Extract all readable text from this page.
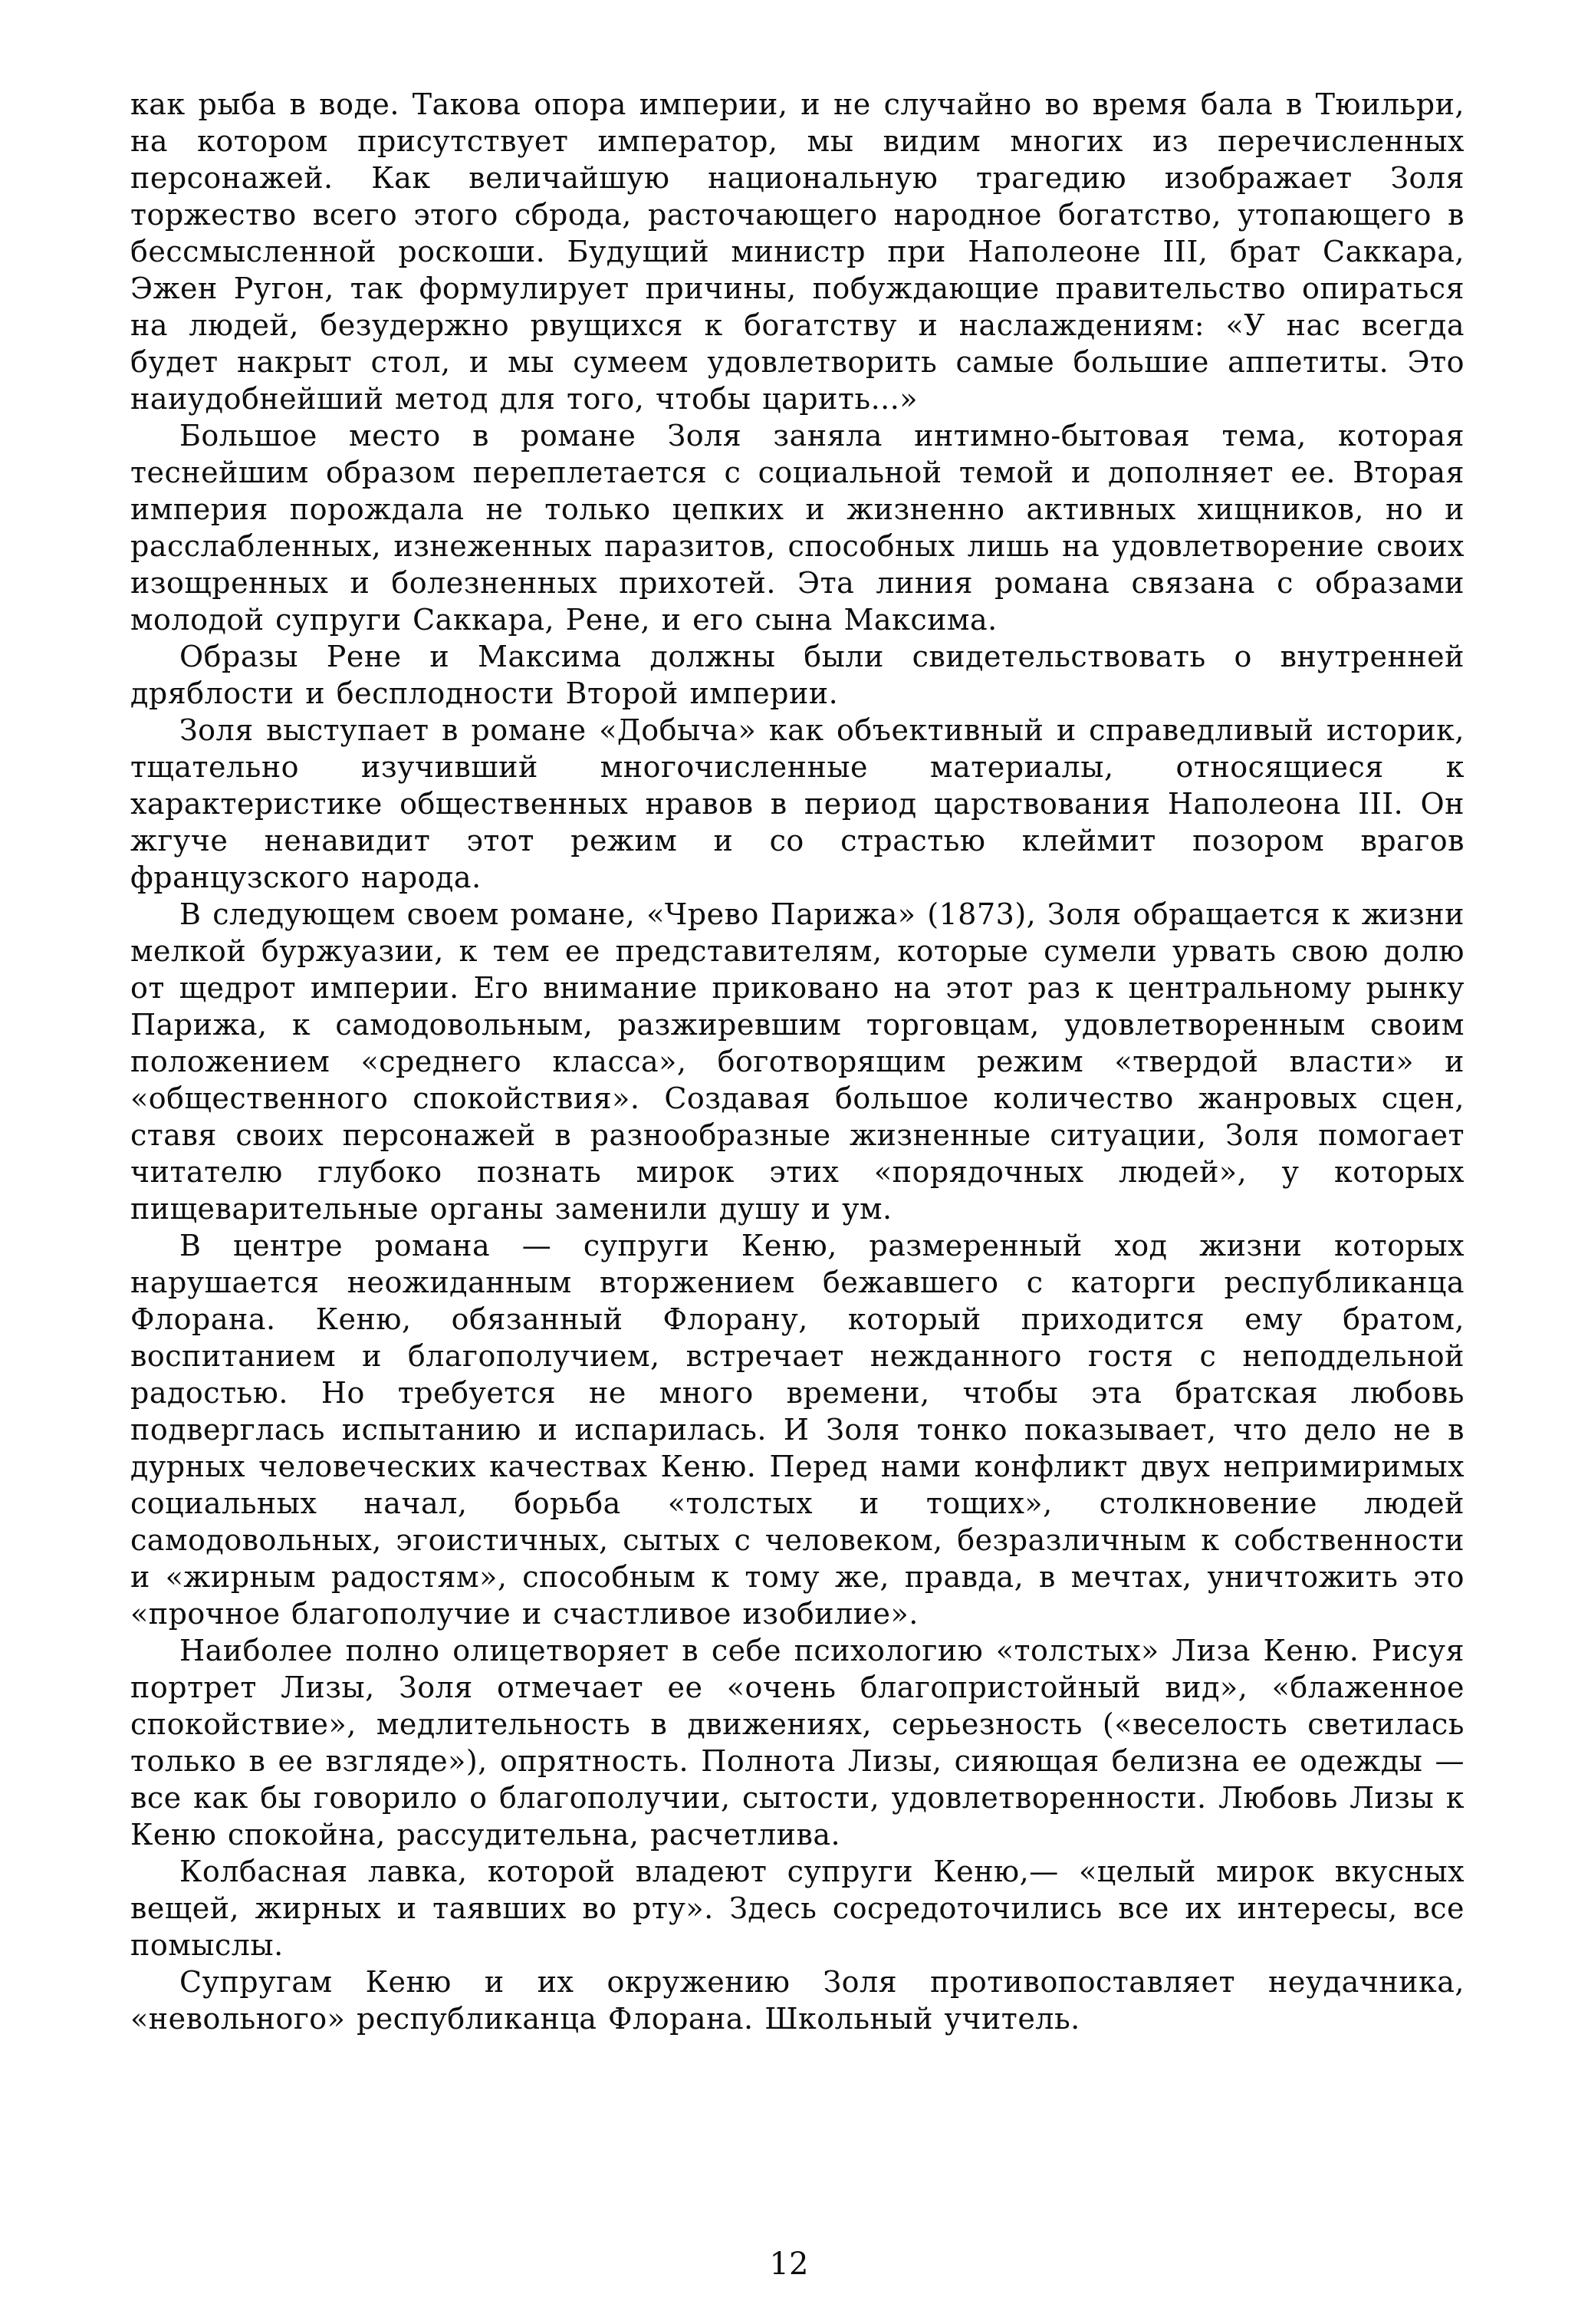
как рыба в воде. Такова опора империи, и не случайно во время бала в Тюильри, на котором присутствует император, мы видим многих из перечисленных персонажей. Как величайшую национальную трагедию изображает Золя торжество всего этого сброда, расточающего народное богатство, утопающего в бессмысленной роскоши. Будущий министр при Наполеоне III, брат Саккара, Эжен Ругон, так формулирует причины, побуждающие правительство опираться на людей, безудержно рвущихся к богатству и наслаждениям: «У нас всегда будет накрыт стол, и мы сумеем удовлетворить самые большие аппетиты. Это наиудобнейший метод для того, чтобы царить...»

Большое место в романе Золя заняла интимно-бытовая тема, которая теснейшим образом переплетается с социальной темой и дополняет ее. Вторая империя порождала не только цепких и жизненно активных хищников, но и расслабленных, изнеженных паразитов, способных лишь на удовлетворение своих изощренных и болезненных прихотей. Эта линия романа связана с образами молодой супруги Саккара, Рене, и его сына Максима.

Образы Рене и Максима должны были свидетельствовать о внутренней дряблости и бесплодности Второй империи.

Золя выступает в романе «Добыча» как объективный и справедливый историк, тщательно изучивший многочисленные материалы, относящиеся к характеристике общественных нравов в период царствования Наполеона III. Он жгуче ненавидит этот режим и со страстью клеймит позором врагов французского народа.

В следующем своем романе, «Чрево Парижа» (1873), Золя обращается к жизни мелкой буржуазии, к тем ее представителям, которые сумели урвать свою долю от щедрот империи. Его внимание приковано на этот раз к центральному рынку Парижа, к самодовольным, разжиревшим торговцам, удовлетворенным своим положением «среднего класса», боготворящим режим «твердой власти» и «общественного спокойствия». Создавая большое количество жанровых сцен, ставя своих персонажей в разнообразные жизненные ситуации, Золя помогает читателю глубоко познать мирок этих «порядочных людей», у которых пищеварительные органы заменили душу и ум.

В центре романа — супруги Кеню, размеренный ход жизни которых нарушается неожиданным вторжением бежавшего с каторги республиканца Флорана. Кеню, обязанный Флорану, который приходится ему братом, воспитанием и благополучием, встречает нежданного гостя с неподдельной радостью. Но требуется не много времени, чтобы эта братская любовь подверглась испытанию и испарилась. И Золя тонко показывает, что дело не в дурных человеческих качествах Кеню. Перед нами конфликт двух непримиримых социальных начал, борьба «толстых и тощих», столкновение людей самодовольных, эгоистичных, сытых с человеком, безразличным к собственности и «жирным радостям», способным к тому же, правда, в мечтах, уничтожить это «прочное благополучие и счастливое изобилие».

Наиболее полно олицетворяет в себе психологию «толстых» Лиза Кеню. Рисуя портрет Лизы, Золя отмечает ее «очень благопристойный вид», «блаженное спокойствие», медлительность в движениях, серьезность («веселость светилась только в ее взгляде»), опрятность. Полнота Лизы, сияющая белизна ее одежды — все как бы говорило о благополучии, сытости, удовлетворенности. Любовь Лизы к Кеню спокойна, рассудительна, расчетлива.

Колбасная лавка, которой владеют супруги Кеню,— «целый мирок вкусных вещей, жирных и таявших во рту». Здесь сосредоточились все их интересы, все помыслы.

Супругам Кеню и их окружению Золя противопоставляет неудачника, «невольного» республиканца Флорана. Школьный учитель.

12
